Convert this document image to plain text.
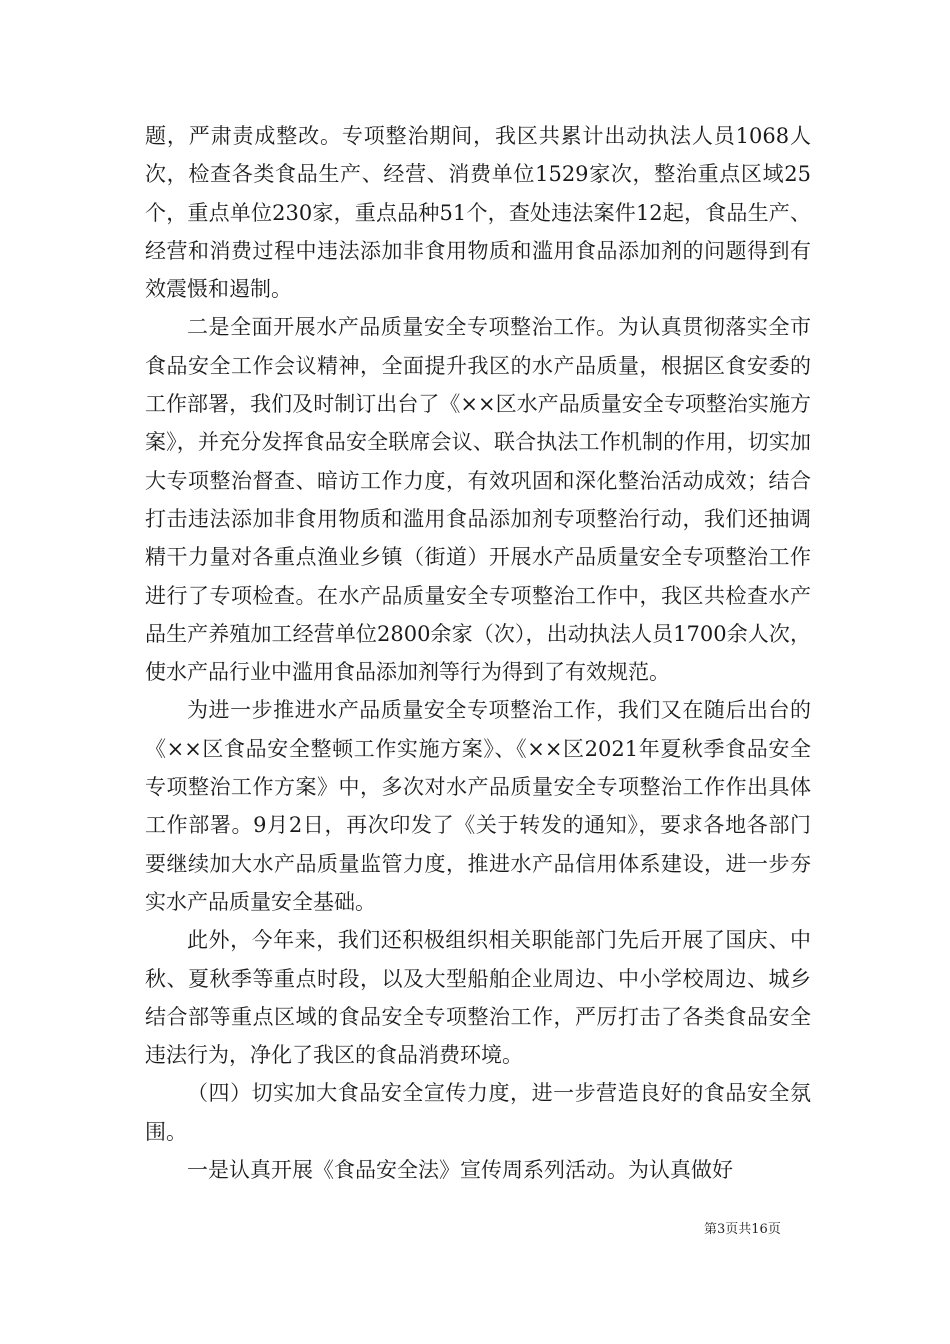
题，严肃责成整改。专项整治期间，我区共累计出动执法人员1068人次，检查各类食品生产、经营、消费单位1529家次，整治重点区域25个，重点单位230家，重点品种51个，查处违法案件12起，食品生产、经营和消费过程中违法添加非食用物质和滥用食品添加剂的问题得到有效震慑和遏制。

二是全面开展水产品质量安全专项整治工作。为认真贯彻落实全市食品安全工作会议精神，全面提升我区的水产品质量，根据区食安委的工作部署，我们及时制订出台了《××区水产品质量安全专项整治实施方案》，并充分发挥食品安全联席会议、联合执法工作机制的作用，切实加大专项整治督查、暗访工作力度，有效巩固和深化整治活动成效；结合打击违法添加非食用物质和滥用食品添加剂专项整治行动，我们还抽调精干力量对各重点渔业乡镇（街道）开展水产品质量安全专项整治工作进行了专项检查。在水产品质量安全专项整治工作中，我区共检查水产品生产养殖加工经营单位2800余家（次），出动执法人员1700余人次，使水产品行业中滥用食品添加剂等行为得到了有效规范。

为进一步推进水产品质量安全专项整治工作，我们又在随后出台的《××区食品安全整顿工作实施方案》、《××区2021年夏秋季食品安全专项整治工作方案》中，多次对水产品质量安全专项整治工作作出具体工作部署。9月2日，再次印发了《关于转发的通知》，要求各地各部门要继续加大水产品质量监管力度，推进水产品信用体系建设，进一步夯实水产品质量安全基础。

此外，今年来，我们还积极组织相关职能部门先后开展了国庆、中秋、夏秋季等重点时段，以及大型船舶企业周边、中小学校周边、城乡结合部等重点区域的食品安全专项整治工作，严厉打击了各类食品安全违法行为，净化了我区的食品消费环境。

（四）切实加大食品安全宣传力度，进一步营造良好的食品安全氛围。

一是认真开展《食品安全法》宣传周系列活动。为认真做好

第3页共16页
